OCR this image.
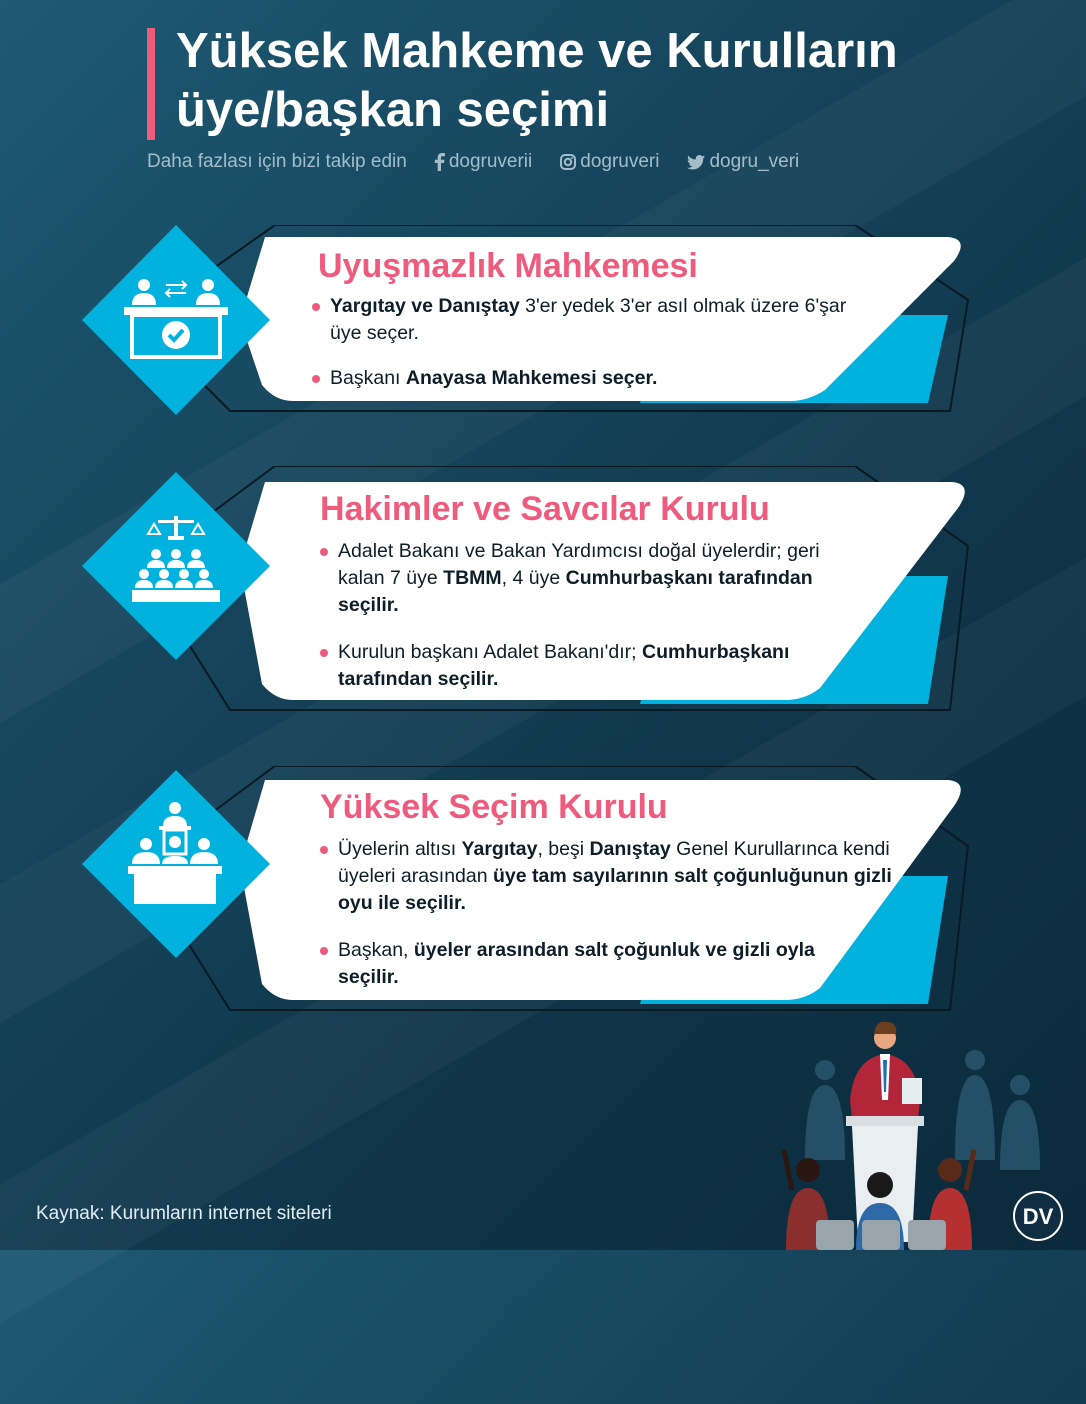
Yüksek Mahkeme ve Kurulların
üye/başkan seçimi
Daha fazlası için bizi takip edin dogruverii	dogruveri	dogru_veri
Uyuşmazlık Mahkemesi
Yargıtay ve Danıştay 3'er yedek 3'er asıl olmak üzere 6'şar üye seçer.
Başkanı Anayasa Mahkemesi seçer.
Hakimler ve Savcılar Kurulu
Adalet Bakanı ve Bakan Yardımcısı doğal üyelerdir; geri kalan 7 üye TBMM, 4 üye Cumhurbaşkanı tarafından seçilir.
Kurulun başkanı Adalet Bakanı'dır; Cumhurbaşkanı tarafından seçilir.
Yüksek Seçim Kurulu
Üyelerin altısı Yargıtay, beşi Danıştay Genel Kurullarınca kendi üyeleri arasından üye tam sayılarının salt çoğunluğunun gizli oyu ile seçilir.
Başkan, üyeler arasından salt çoğunluk ve gizli oyla seçilir.
Kaynak: Kurumların internet siteleri	DV
